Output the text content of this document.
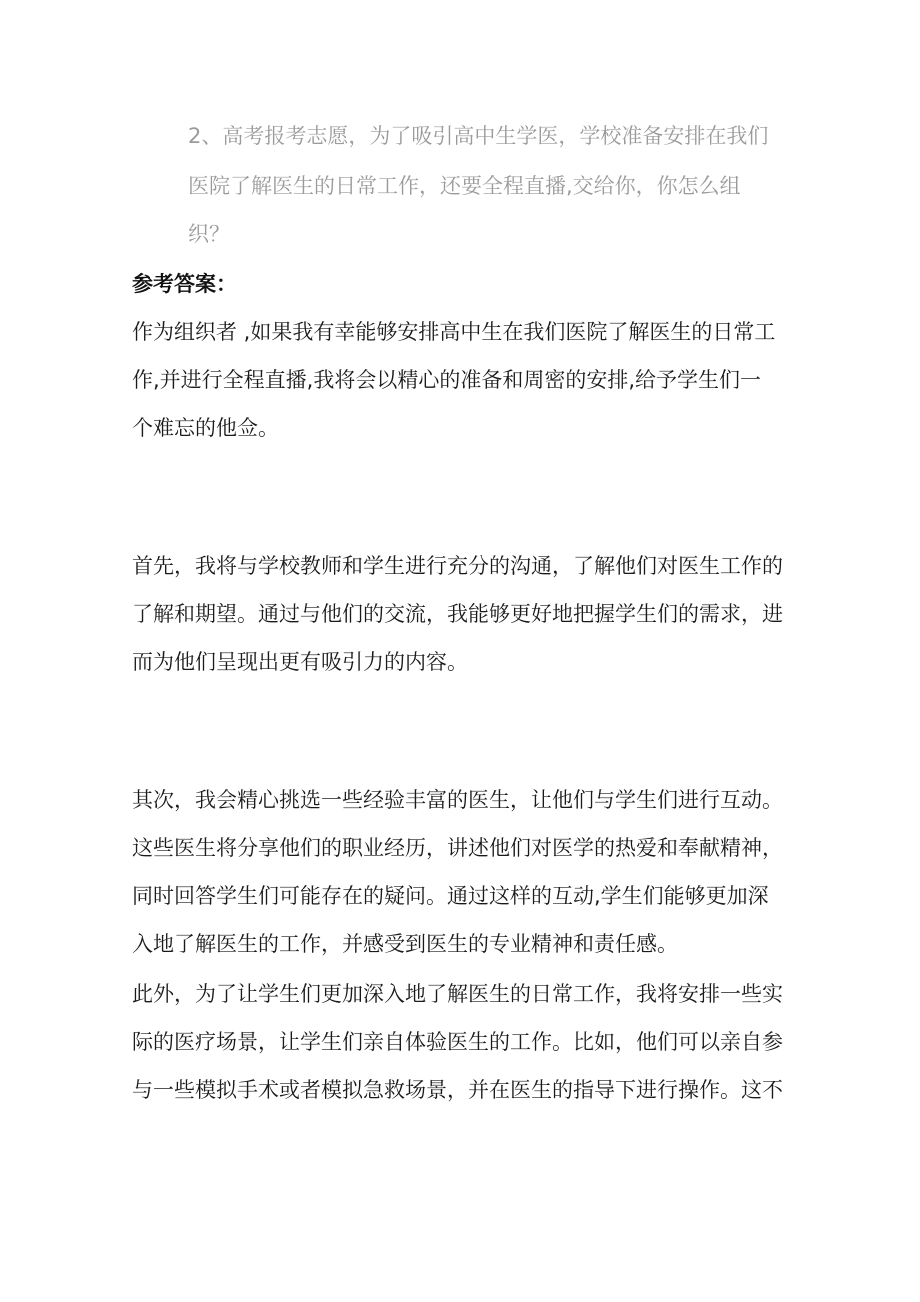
2、高考报考志愿，为了吸引高中生学医，学校准备安排在我们
医院了解医生的日常工作，还要全程直播,交给你，你怎么组
织？
参考答案：
作为组织者 ,如果我有幸能够安排高中生在我们医院了解医生的日常工
作,并进行全程直播,我将会以精心的准备和周密的安排,给予学生们一
个难忘的他佥。
首先，我将与学校教师和学生进行充分的沟通，了解他们对医生工作的
了解和期望。通过与他们的交流，我能够更好地把握学生们的需求，进
而为他们呈现出更有吸引力的内容。
其次，我会精心挑选一些经验丰富的医生，让他们与学生们进行互动。
这些医生将分享他们的职业经历，讲述他们对医学的热爱和奉献精神，
同时回答学生们可能存在的疑问。通过这样的互动,学生们能够更加深
入地了解医生的工作，并感受到医生的专业精神和责任感。
此外，为了让学生们更加深入地了解医生的日常工作，我将安排一些实
际的医疗场景，让学生们亲自体验医生的工作。比如，他们可以亲自参
与一些模拟手术或者模拟急救场景，并在医生的指导下进行操作。这不
